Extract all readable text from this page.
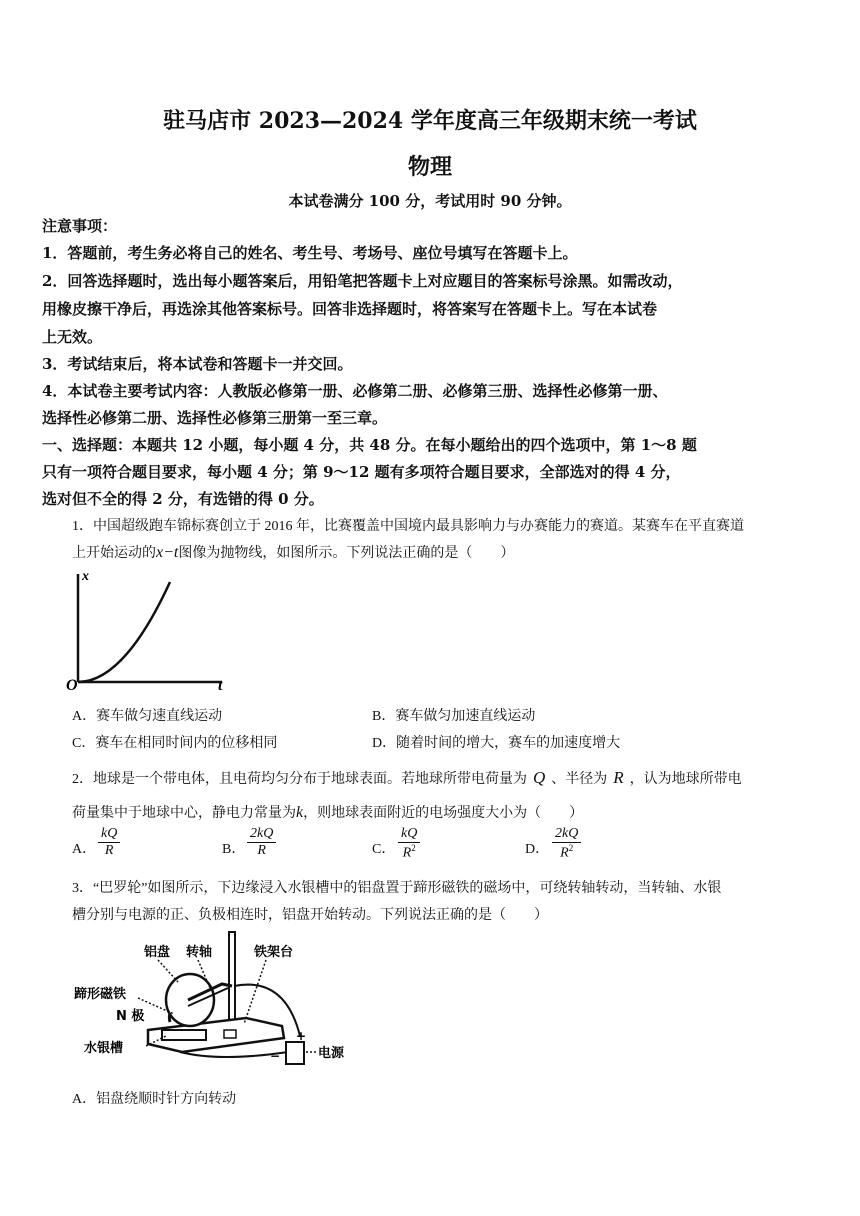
驻马店市 2023—2024 学年度高三年级期末统一考试
物理
本试卷满分 100 分，考试用时 90 分钟。
注意事项：
1．答题前，考生务必将自己的姓名、考生号、考场号、座位号填写在答题卡上。
2．回答选择题时，选出每小题答案后，用铅笔把答题卡上对应题目的答案标号涂黑。如需改动，
用橡皮擦干净后，再选涂其他答案标号。回答非选择题时，将答案写在答题卡上。写在本试卷
上无效。
3．考试结束后，将本试卷和答题卡一并交回。
4．本试卷主要考试内容：人教版必修第一册、必修第二册、必修第三册、选择性必修第一册、
选择性必修第二册、选择性必修第三册第一至三章。
一、选择题：本题共 12 小题，每小题 4 分，共 48 分。在每小题给出的四个选项中，第 1～8 题
只有一项符合题目要求，每小题 4 分；第 9～12 题有多项符合题目要求，全部选对的得 4 分，
选对但不全的得 2 分，有选错的得 0 分。
1．中国超级跑车锦标赛创立于 2016 年，比赛覆盖中国境内最具影响力与办赛能力的赛道。某赛车在平直赛道
上开始运动的x−t图像为抛物线，如图所示。下列说法正确的是（　　）
x
t
O
A．赛车做匀速直线运动	B．赛车做匀加速直线运动
C．赛车在相同时间内的位移相同	D．随着时间的增大，赛车的加速度增大
2．地球是一个带电体，且电荷均匀分布于地球表面。若地球所带电荷量为 Q 、半径为 R ，认为地球所带电
荷量集中于地球中心，静电力常量为k，则地球表面附近的电场强度大小为（　　）
A． $\frac{kQ}{R}$	B． $\frac{2kQ}{R}$	C． $\frac{kQ}{R^2}$	D． $\frac{2kQ}{R^2}$
3．“巴罗轮”如图所示，下边缘浸入水银槽中的铝盘置于蹄形磁铁的磁场中，可绕转轴转动，当转轴、水银
槽分别与电源的正、负极相连时，铝盘开始转动。下列说法正确的是（　　）
+
−
铝盘 转轴	铁架台
蹄形磁铁
N 极
水银槽	电源
A．铝盘绕顺时针方向转动
